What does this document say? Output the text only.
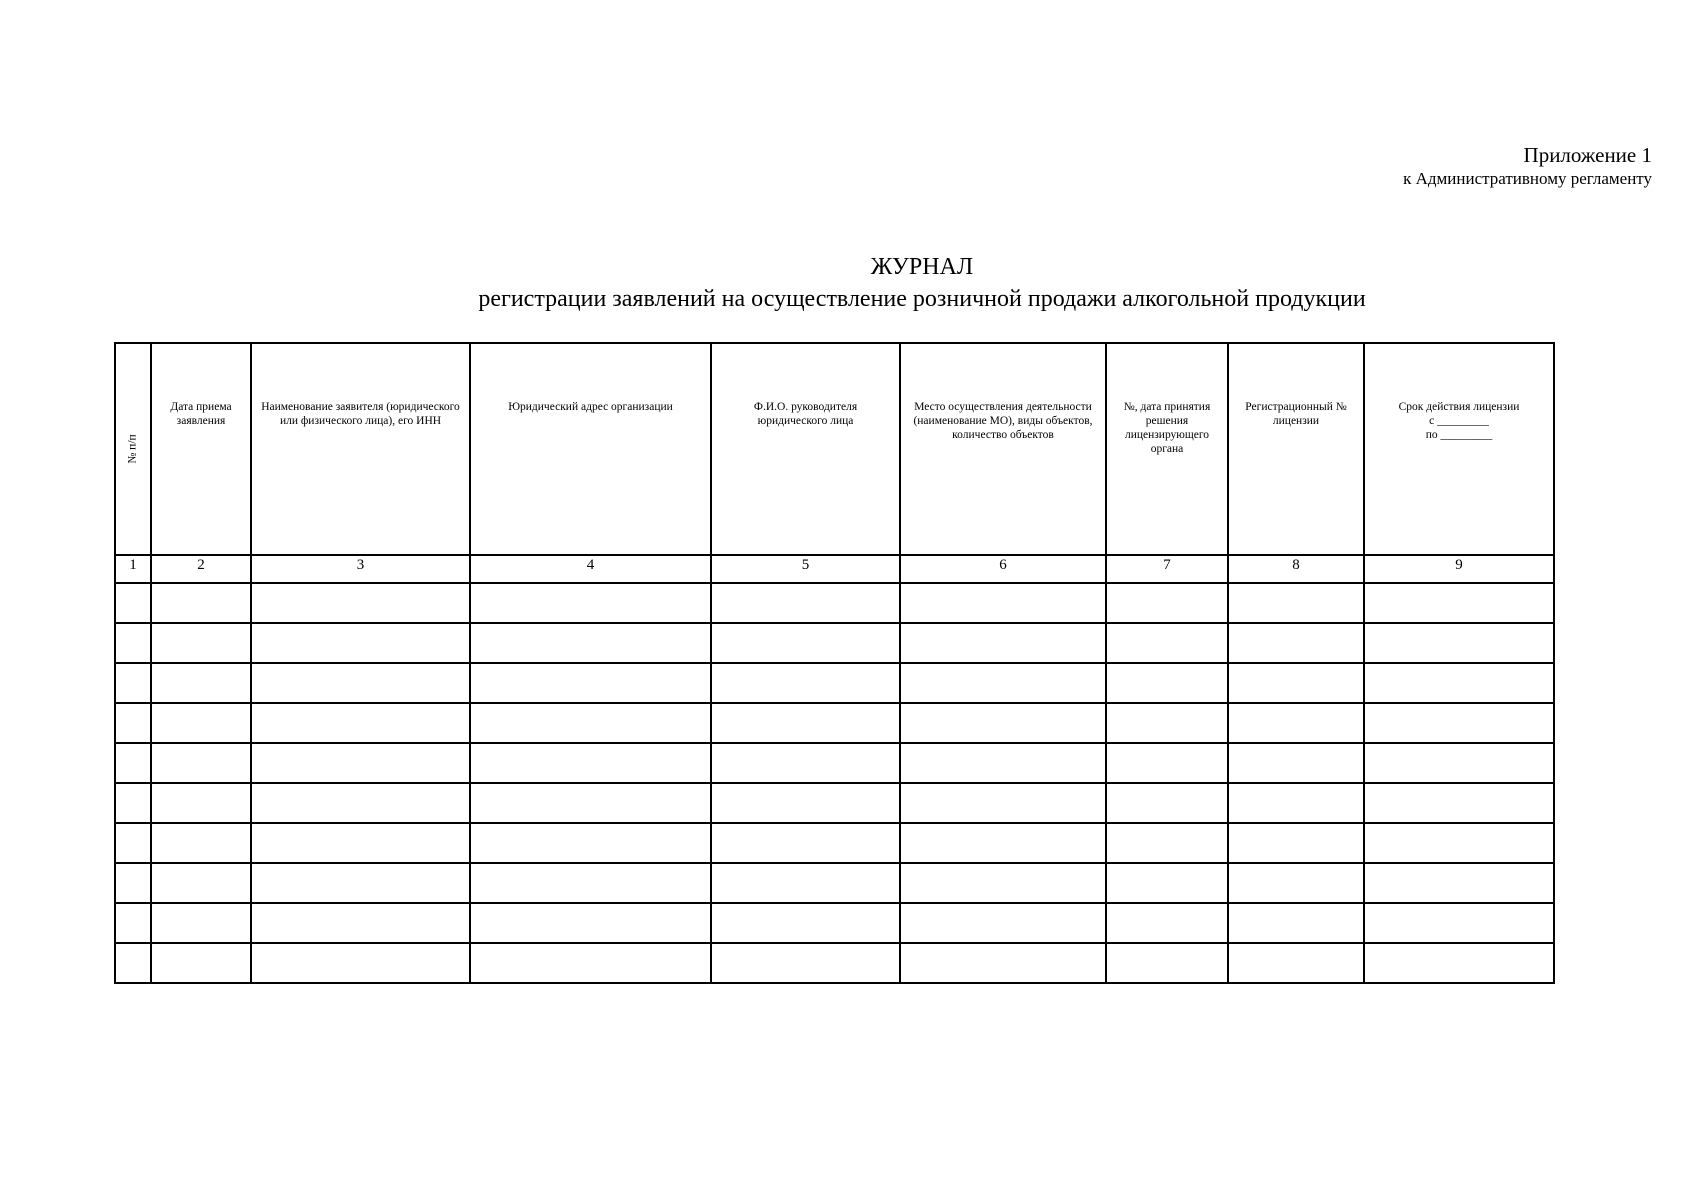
Приложение 1
к Административному регламенту
ЖУРНАЛ
регистрации заявлений на осуществление розничной продажи алкогольной продукции
№ п/п	Дата приема заявления	Наименование заявителя (юридического или физического лица), его ИНН	Юридический адрес организации	Ф.И.О. руководителя юридического лица	Место осуществления деятельности (наименование МО), виды объектов, количество объектов	№, дата принятия решения лицензирующего органа	Регистрационный № лицензии	Срок действия лицензии
с _________
по _________

1	2	3	4	5	6	7	8	9
